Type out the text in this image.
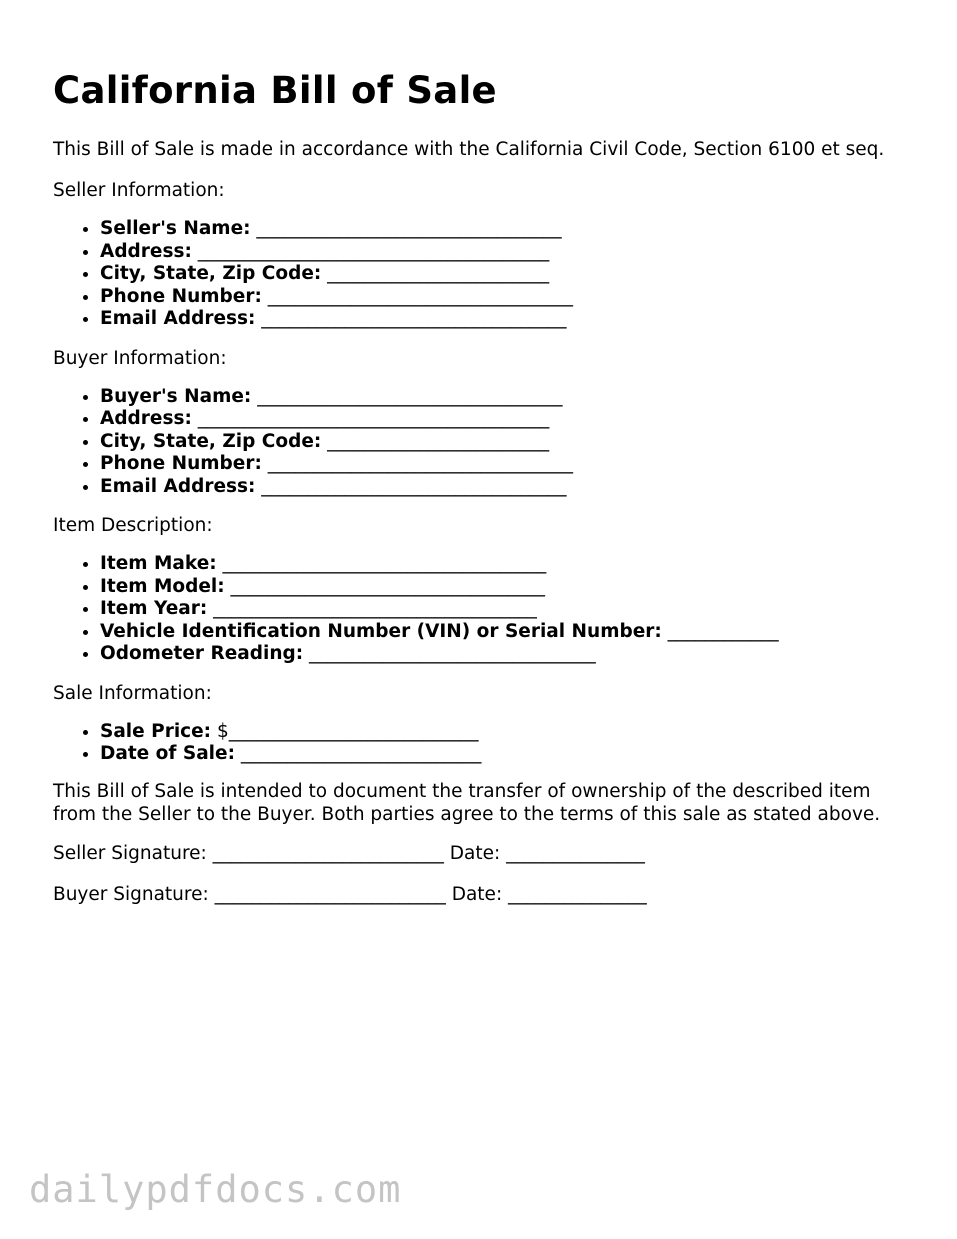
California Bill of Sale

This Bill of Sale is made in accordance with the California Civil Code, Section 6100 et seq.

Seller Information:

• Seller's Name: _________________________________
• Address: ______________________________________
• City, State, Zip Code: ________________________
• Phone Number: _________________________________
• Email Address: _________________________________

Buyer Information:

• Buyer's Name: _________________________________
• Address: ______________________________________
• City, State, Zip Code: ________________________
• Phone Number: _________________________________
• Email Address: _________________________________

Item Description:

• Item Make: ___________________________________
• Item Model: __________________________________
• Item Year: ___________________________________
• Vehicle Identification Number (VIN) or Serial Number: ____________
• Odometer Reading: _______________________________

Sale Information:

• Sale Price: $___________________________
• Date of Sale: __________________________

This Bill of Sale is intended to document the transfer of ownership of the described item from the Seller to the Buyer. Both parties agree to the terms of this sale as stated above.

Seller Signature: _________________________ Date: _______________

Buyer Signature: _________________________ Date: _______________

dailypdfdocs.com
